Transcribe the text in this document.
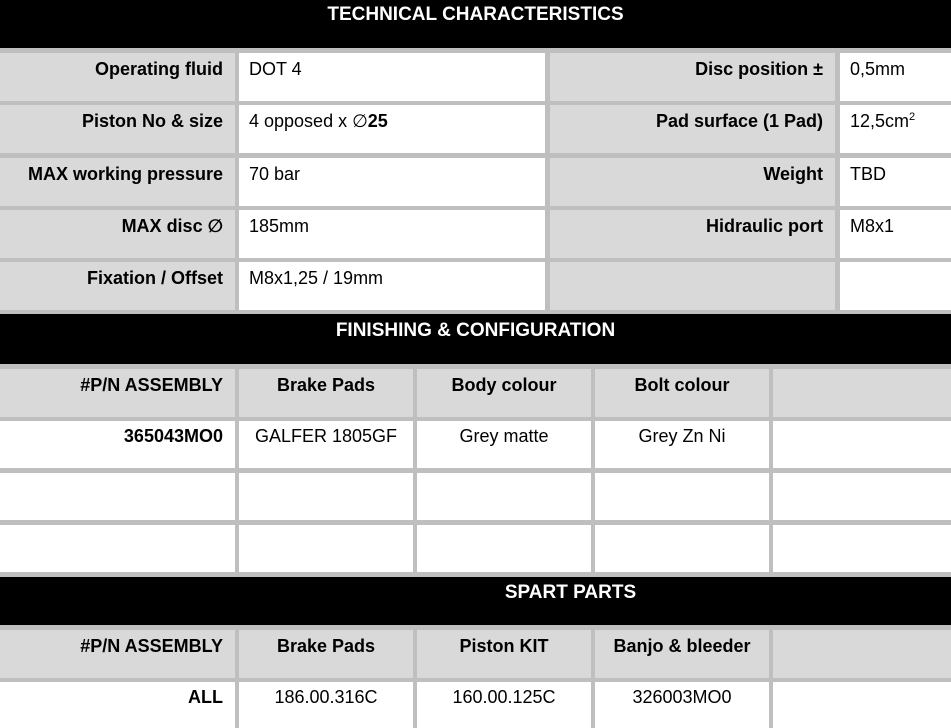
TECHNICAL CHARACTERISTICS
Operating fluid	DOT 4	Disc position ±	0,5mm
Piston No & size	4 opposed x ∅25	Pad surface (1 Pad)	$12,5cm^2$
MAX working pressure	70 bar	Weight	TBD
MAX disc ∅	185mm	Hidraulic port	M8x1
Fixation / Offset	M8x1,25 / 19mm
FINISHING & CONFIGURATION
#P/N ASSEMBLY	Brake Pads	Body colour	Bolt colour
365043MO0	GALFER 1805GF	Grey matte	Grey Zn Ni
SPART PARTS
#P/N ASSEMBLY	Brake Pads	Piston KIT	Banjo & bleeder
ALL	186.00.316C	160.00.125C	326003MO0
